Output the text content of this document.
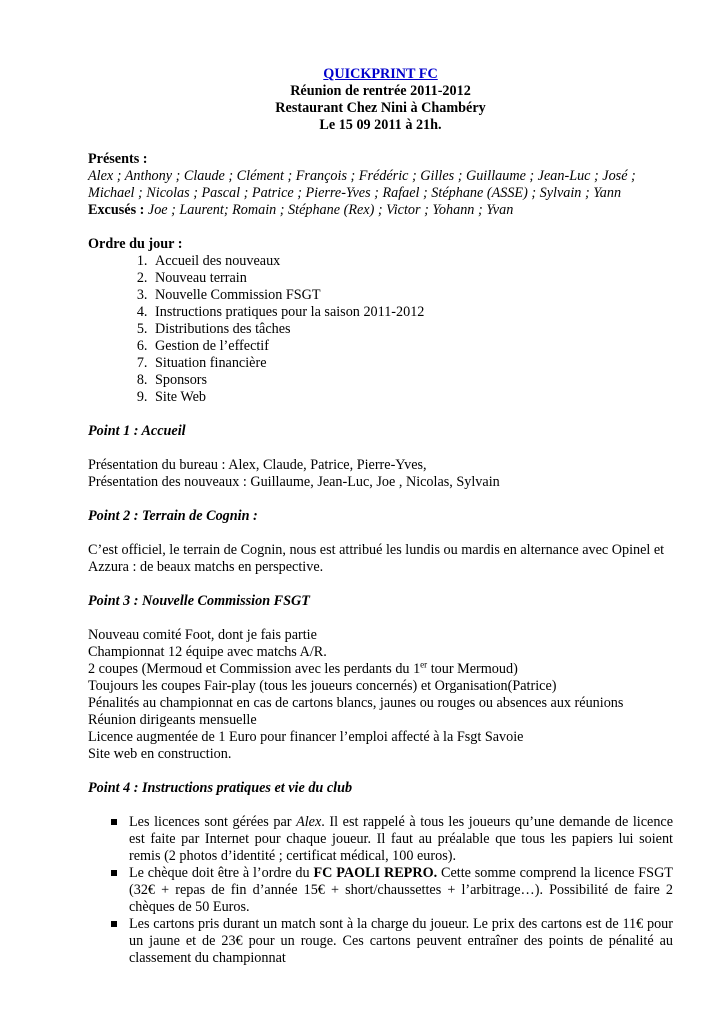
QUICKPRINT FC
Réunion de rentrée 2011-2012
Restaurant Chez Nini à Chambéry
Le 15 09 2011 à 21h.
Présents :
Alex ; Anthony ; Claude ; Clément ; François ; Frédéric ; Gilles ; Guillaume ; Jean-Luc ; José ; Michael ; Nicolas ; Pascal ; Patrice ; Pierre-Yves ; Rafael ; Stéphane (ASSE) ; Sylvain ; Yann
Excusés : Joe ; Laurent; Romain ; Stéphane (Rex) ; Victor ; Yohann ; Yvan
Ordre du jour :
1. Accueil des nouveaux
2. Nouveau terrain
3. Nouvelle Commission FSGT
4. Instructions pratiques pour la saison 2011-2012
5. Distributions des tâches
6. Gestion de l’effectif
7. Situation financière
8. Sponsors
9. Site Web
Point 1 : Accueil

Présentation du bureau : Alex, Claude, Patrice, Pierre-Yves,

Présentation des nouveaux : Guillaume, Jean-Luc, Joe , Nicolas, Sylvain

Point 2 : Terrain de Cognin :

C’est officiel, le terrain de Cognin, nous est attribué les lundis ou mardis en alternance avec Opinel et Azzura : de beaux matchs en perspective.

Point 3 : Nouvelle Commission FSGT

Nouveau comité Foot, dont je fais partie

Championnat 12 équipe avec matchs A/R.

2 coupes (Mermoud et Commission avec les perdants du 1er tour Mermoud)

Toujours les coupes Fair-play (tous les joueurs concernés) et Organisation(Patrice)

Pénalités au championnat en cas de cartons blancs, jaunes ou rouges ou absences aux réunions

Réunion dirigeants mensuelle

Licence augmentée de 1 Euro pour financer l’emploi affecté à la Fsgt Savoie

Site web en construction.

Point 4 : Instructions pratiques et vie du club
Les licences sont gérées par Alex. Il est rappelé à tous les joueurs qu’une demande de licence est faite par Internet pour chaque joueur. Il faut au préalable que tous les papiers lui soient remis (2 photos d’identité ; certificat médical, 100 euros).
Le chèque doit être à l’ordre du FC PAOLI REPRO. Cette somme comprend la licence FSGT (32€ + repas de fin d’année 15€ + short/chaussettes + l’arbitrage…). Possibilité de faire 2 chèques de 50 Euros.
Les cartons pris durant un match sont à la charge du joueur. Le prix des cartons est de 11€ pour un jaune et de 23€ pour un rouge. Ces cartons peuvent entraîner des points de pénalité au classement du championnat
